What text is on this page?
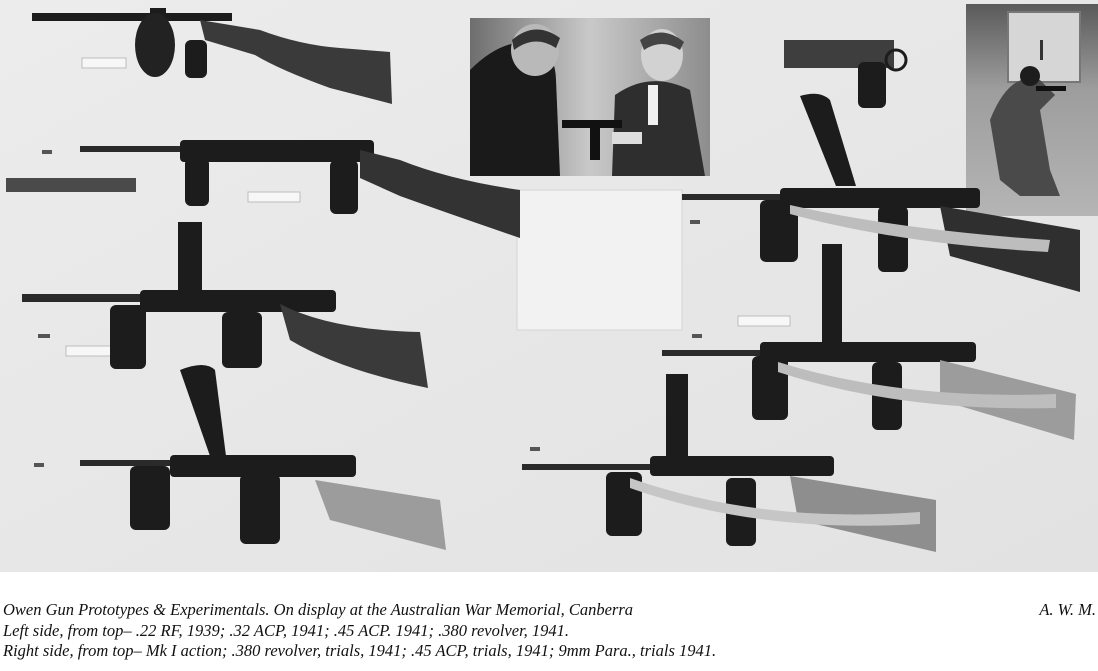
Owen Gun Prototypes & Experimentals. On display at the Australian War Memorial, Canberra
Left side, from top– .22 RF, 1939; .32 ACP, 1941; .45 ACP. 1941; .380 revolver, 1941.
Right side, from top– Mk I action; .380 revolver, trials, 1941; .45 ACP, trials, 1941; 9mm Para., trials 1941.
A. W. M.
